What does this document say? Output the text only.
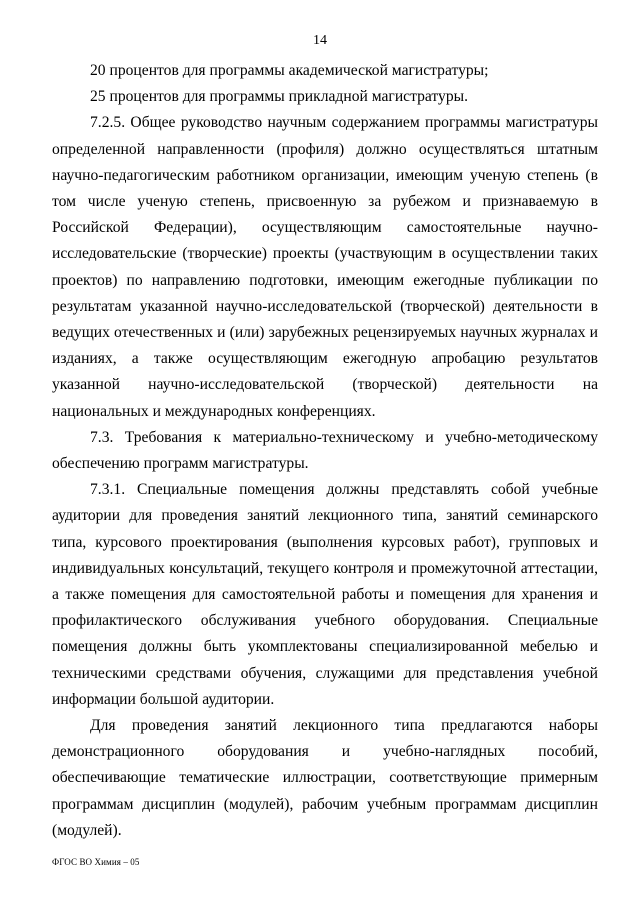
14

20 процентов для программы академической магистратуры;

25 процентов для программы прикладной магистратуры.

7.2.5. Общее руководство научным содержанием программы магистратуры определенной направленности (профиля) должно осуществляться штатным научно-педагогическим работником организации, имеющим ученую степень (в том числе ученую степень, присвоенную за рубежом и признаваемую в Российской Федерации), осуществляющим самостоятельные научно-исследовательские (творческие) проекты (участвующим в осуществлении таких проектов) по направлению подготовки, имеющим ежегодные публикации по результатам указанной научно-исследовательской (творческой) деятельности в ведущих отечественных и (или) зарубежных рецензируемых научных журналах и изданиях, а также осуществляющим ежегодную апробацию результатов указанной научно-исследовательской (творческой) деятельности на национальных и международных конференциях.

7.3. Требования к материально-техническому и учебно-методическому обеспечению программ магистратуры.

7.3.1. Специальные помещения должны представлять собой учебные аудитории для проведения занятий лекционного типа, занятий семинарского типа, курсового проектирования (выполнения курсовых работ), групповых и индивидуальных консультаций, текущего контроля и промежуточной аттестации, а также помещения для самостоятельной работы и помещения для хранения и профилактического обслуживания учебного оборудования. Специальные помещения должны быть укомплектованы специализированной мебелью и техническими средствами обучения, служащими для представления учебной информации большой аудитории.

Для проведения занятий лекционного типа предлагаются наборы демонстрационного оборудования и учебно-наглядных пособий, обеспечивающие тематические иллюстрации, соответствующие примерным программам дисциплин (модулей), рабочим учебным программам дисциплин (модулей).

ФГОС ВО Химия – 05
